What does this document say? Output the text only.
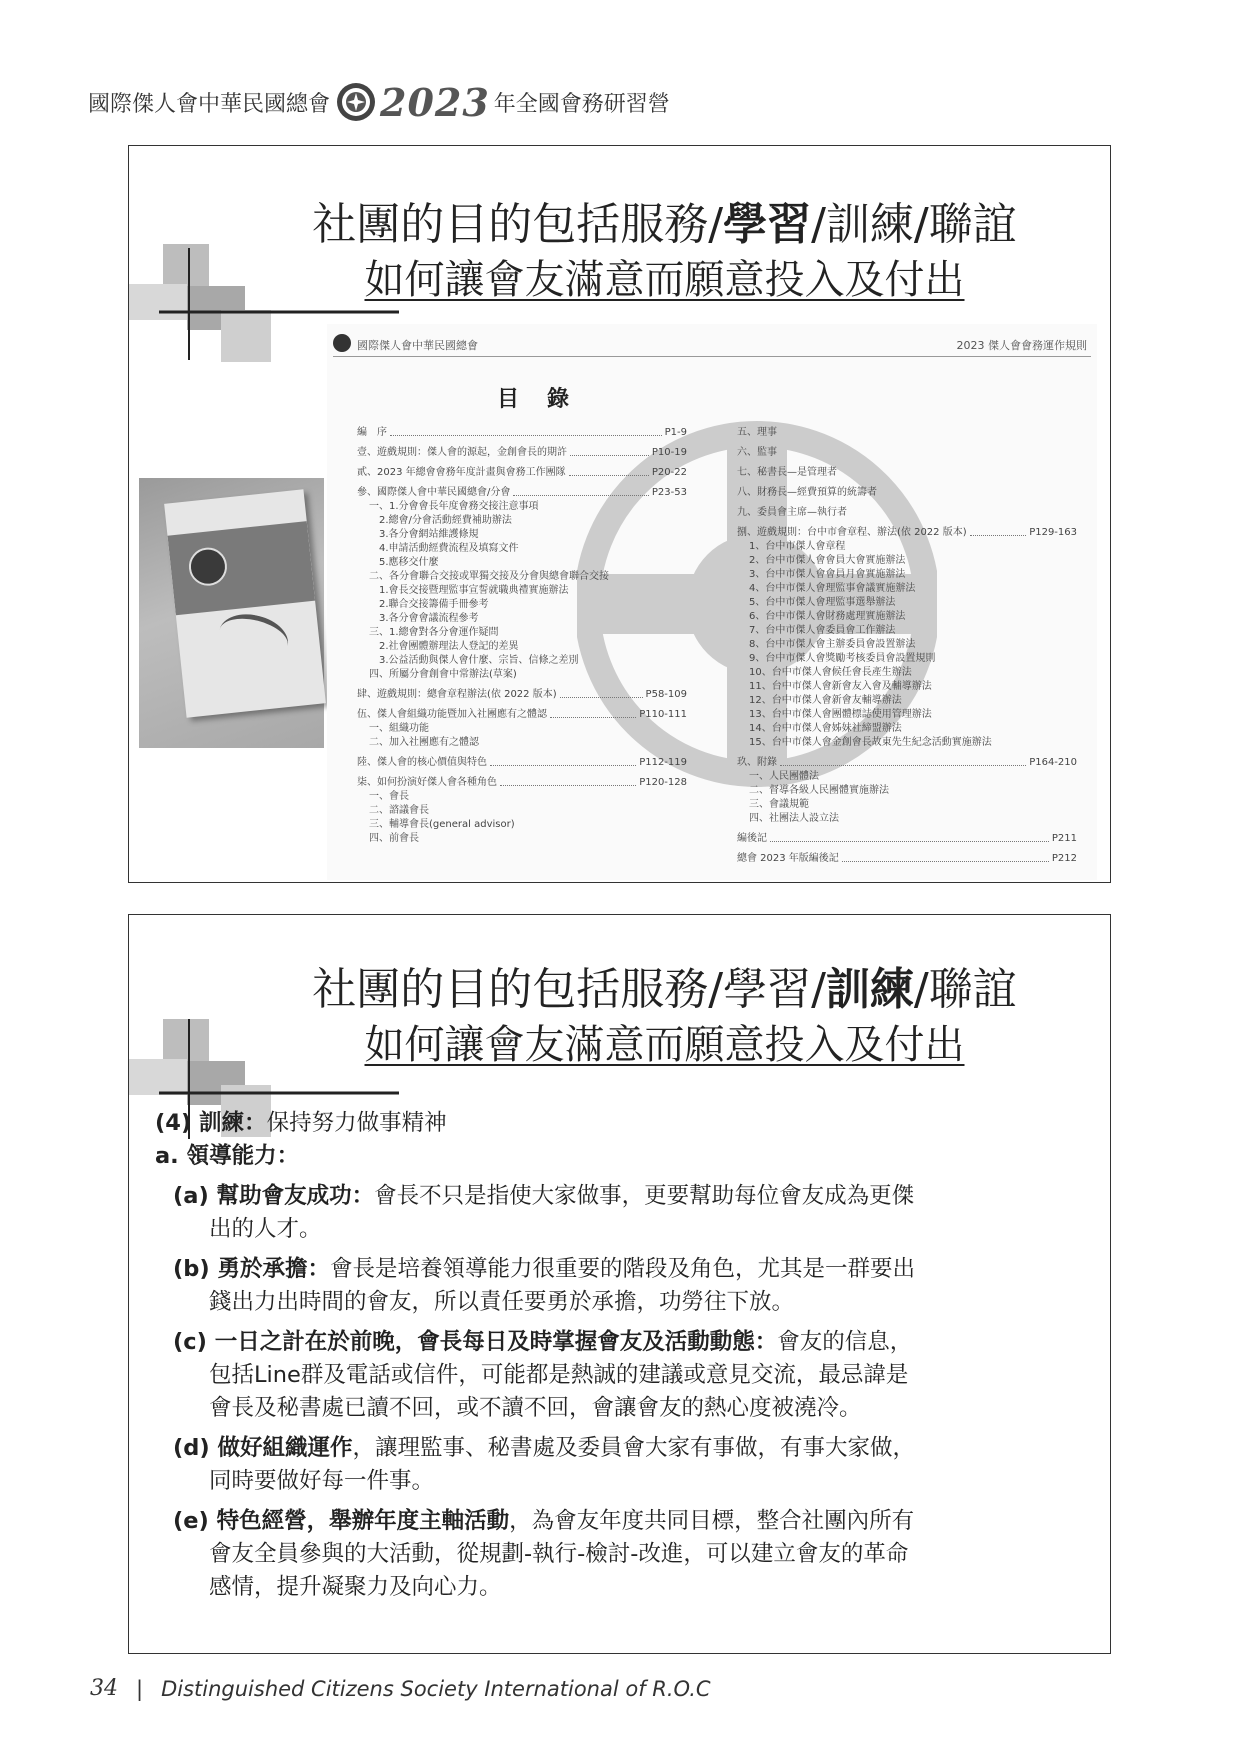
國際傑人會中華民國總會 2023 年全國會務研習營
社團的目的包括服務/學習/訓練/聯誼
如何讓會友滿意而願意投入及付出
國際傑人會中華民國總會	2023 傑人會會務運作規則
目錄
編　序	P1-9
壹、遊戲規則：傑人會的源起，金創會長的期許	P10-19
貳、2023 年總會會務年度計畫與會務工作團隊	P20-22
參、國際傑人會中華民國總會/分會	P23-53
一、1.分會會長年度會務交接注意事項
2.總會/分會活動經費補助辦法
3.各分會網站維護條規
4.申請活動經費流程及填寫文件
5.應移交什麼
二、各分會聯合交接或單獨交接及分會與總會聯合交接
1.會長交接暨理監事宣誓就職典禮實施辦法
2.聯合交接籌備手冊參考
3.各分會會議流程參考
三、1.總會對各分會運作疑問
2.社會團體辦理法人登記的差異
3.公益活動與傑人會什麼、宗旨、信條之差別
四、所屬分會創會中常辦法(草案)
肆、遊戲規則：總會章程辦法(依 2022 版本)	P58-109
伍、傑人會組織功能暨加入社團應有之體認	P110-111
一、組織功能
二、加入社團應有之體認
陸、傑人會的核心價值與特色	P112-119
柒、如何扮演好傑人會各種角色	P120-128
一、會長
二、諮議會長
三、輔導會長(general advisor)
四、前會長
五、理事
六、監事
七、秘書長—是管理者
八、財務長—經費預算的統籌者
九、委員會主席—執行者
捌、遊戲規則：台中市會章程、辦法(依 2022 版本)	P129-163
1、台中市傑人會章程
2、台中市傑人會會員大會實施辦法
3、台中市傑人會會員月會實施辦法
4、台中市傑人會理監事會議實施辦法
5、台中市傑人會理監事選舉辦法
6、台中市傑人會財務處理實施辦法
7、台中市傑人會委員會工作辦法
8、台中市傑人會主辦委員會設置辦法
9、台中市傑人會獎勵考核委員會設置規則
10、台中市傑人會候任會長產生辦法
11、台中市傑人會新會友入會及輔導辦法
12、台中市傑人會新會友輔導辦法
13、台中市傑人會團體標誌使用管理辦法
14、台中市傑人會姊妹社締盟辦法
15、台中市傑人會金創會長故東先生紀念活動實施辦法
玖、附錄	P164-210
一、人民團體法
二、督導各級人民團體實施辦法
三、會議規範
四、社團法人設立法
編後記	P211
總會 2023 年版編後記	P212
社團的目的包括服務/學習/訓練/聯誼
如何讓會友滿意而願意投入及付出
(4) 訓練：保持努力做事精神
a. 領導能力：
(a) 幫助會友成功：會長不只是指使大家做事，更要幫助每位會友成為更傑
出的人才。
(b) 勇於承擔：會長是培養領導能力很重要的階段及角色，尤其是一群要出
錢出力出時間的會友，所以責任要勇於承擔，功勞往下放。
(c) 一日之計在於前晚，會長每日及時掌握會友及活動動態：會友的信息，
包括Line群及電話或信件，可能都是熱誠的建議或意見交流，最忌諱是
會長及秘書處已讀不回，或不讀不回，會讓會友的熱心度被澆冷。
(d) 做好組織運作，讓理監事、秘書處及委員會大家有事做，有事大家做，
同時要做好每一件事。
(e) 特色經營，舉辦年度主軸活動，為會友年度共同目標，整合社團內所有
會友全員參與的大活動，從規劃-執行-檢討-改進，可以建立會友的革命
感情，提升凝聚力及向心力。
34 | Distinguished Citizens Society International of R.O.C
